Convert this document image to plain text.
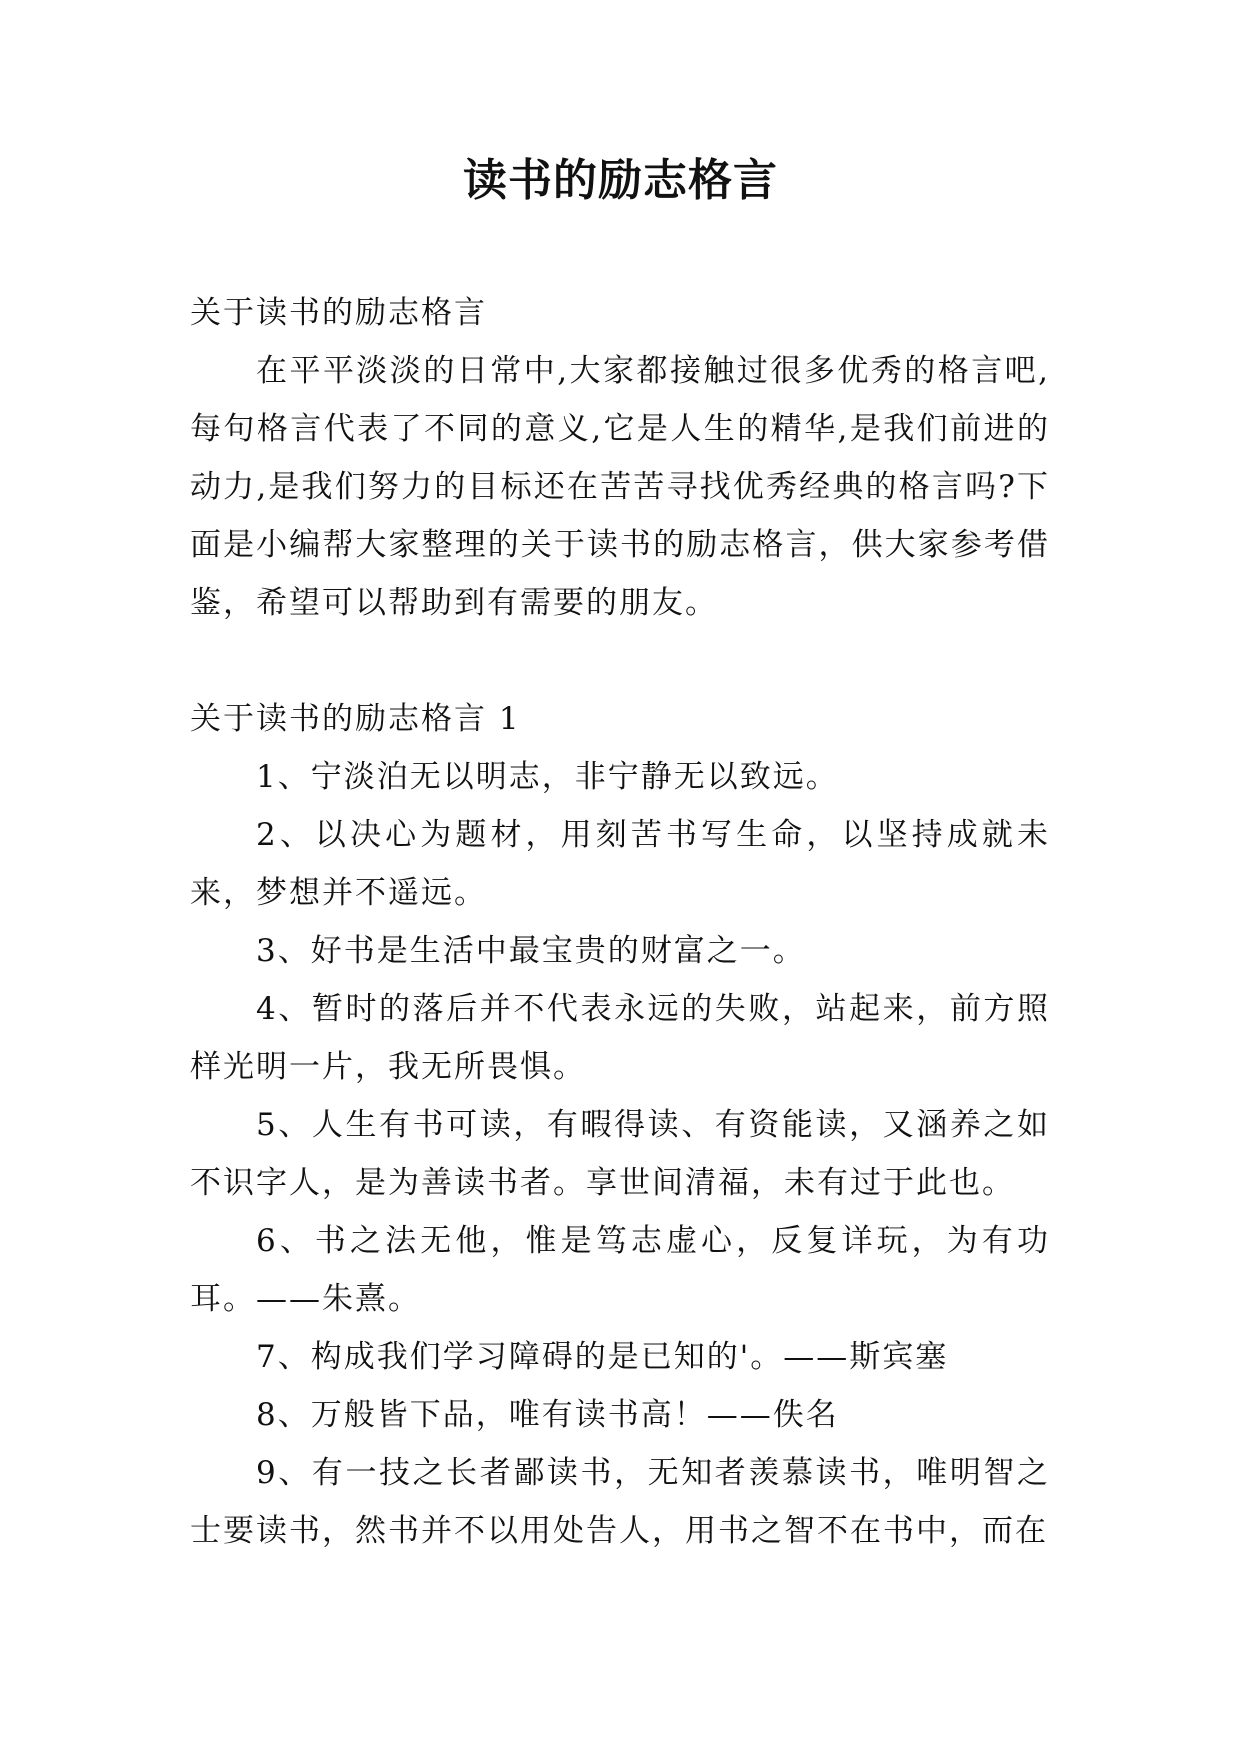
读书的励志格言

关于读书的励志格言

在平平淡淡的日常中,大家都接触过很多优秀的格言吧,每句格言代表了不同的意义,它是人生的精华,是我们前进的动力,是我们努力的目标还在苦苦寻找优秀经典的格言吗?下面是小编帮大家整理的关于读书的励志格言，供大家参考借鉴，希望可以帮助到有需要的朋友。

关于读书的励志格言 1

1、宁淡泊无以明志，非宁静无以致远。

2、以决心为题材，用刻苦书写生命，以坚持成就未来，梦想并不遥远。

3、好书是生活中最宝贵的财富之一。

4、暂时的落后并不代表永远的失败，站起来，前方照样光明一片，我无所畏惧。

5、人生有书可读，有暇得读、有资能读，又涵养之如不识字人，是为善读书者。享世间清福，未有过于此也。

6、书之法无他，惟是笃志虚心，反复详玩，为有功耳。——朱熹。

7、构成我们学习障碍的是已知的'。——斯宾塞

8、万般皆下品，唯有读书高！——佚名

9、有一技之长者鄙读书，无知者羡慕读书，唯明智之士要读书，然书并不以用处告人，用书之智不在书中，而在
